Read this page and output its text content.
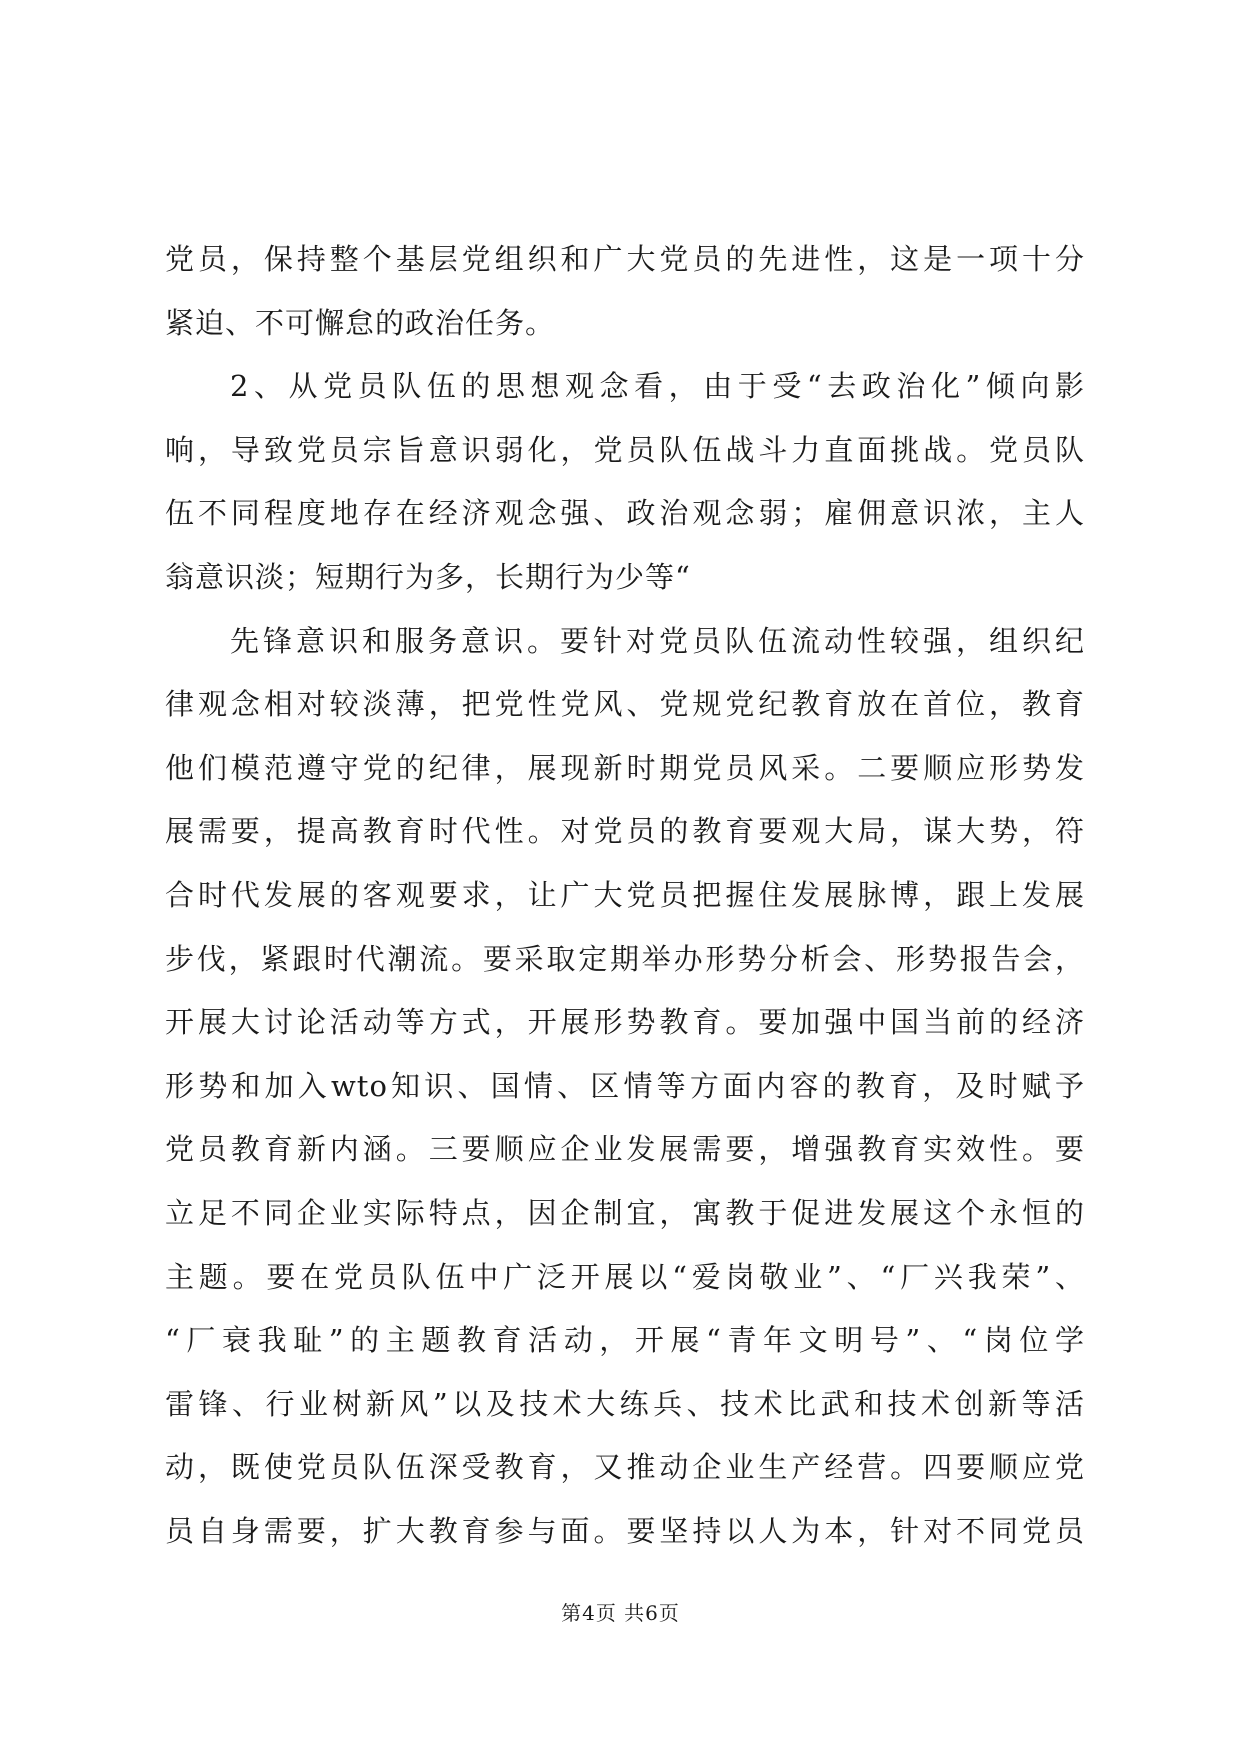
党员，保持整个基层党组织和广大党员的先进性，这是一项十分
紧迫、不可懈怠的政治任务。
2、从党员队伍的思想观念看，由于受“去政治化”倾向影
响，导致党员宗旨意识弱化，党员队伍战斗力直面挑战。党员队
伍不同程度地存在经济观念强、政治观念弱；雇佣意识浓，主人
翁意识淡；短期行为多，长期行为少等“
先锋意识和服务意识。要针对党员队伍流动性较强，组织纪
律观念相对较淡薄，把党性党风、党规党纪教育放在首位，教育
他们模范遵守党的纪律，展现新时期党员风采。二要顺应形势发
展需要，提高教育时代性。对党员的教育要观大局，谋大势，符
合时代发展的客观要求，让广大党员把握住发展脉博，跟上发展
步伐，紧跟时代潮流。要采取定期举办形势分析会、形势报告会，
开展大讨论活动等方式，开展形势教育。要加强中国当前的经济
形势和加入wto知识、国情、区情等方面内容的教育，及时赋予
党员教育新内涵。三要顺应企业发展需要，增强教育实效性。要
立足不同企业实际特点，因企制宜，寓教于促进发展这个永恒的
主题。要在党员队伍中广泛开展以“爱岗敬业”、“厂兴我荣”、
“厂衰我耻”的主题教育活动，开展“青年文明号”、“岗位学
雷锋、行业树新风”以及技术大练兵、技术比武和技术创新等活
动，既使党员队伍深受教育，又推动企业生产经营。四要顺应党
员自身需要，扩大教育参与面。要坚持以人为本，针对不同党员
第4页 共6页
